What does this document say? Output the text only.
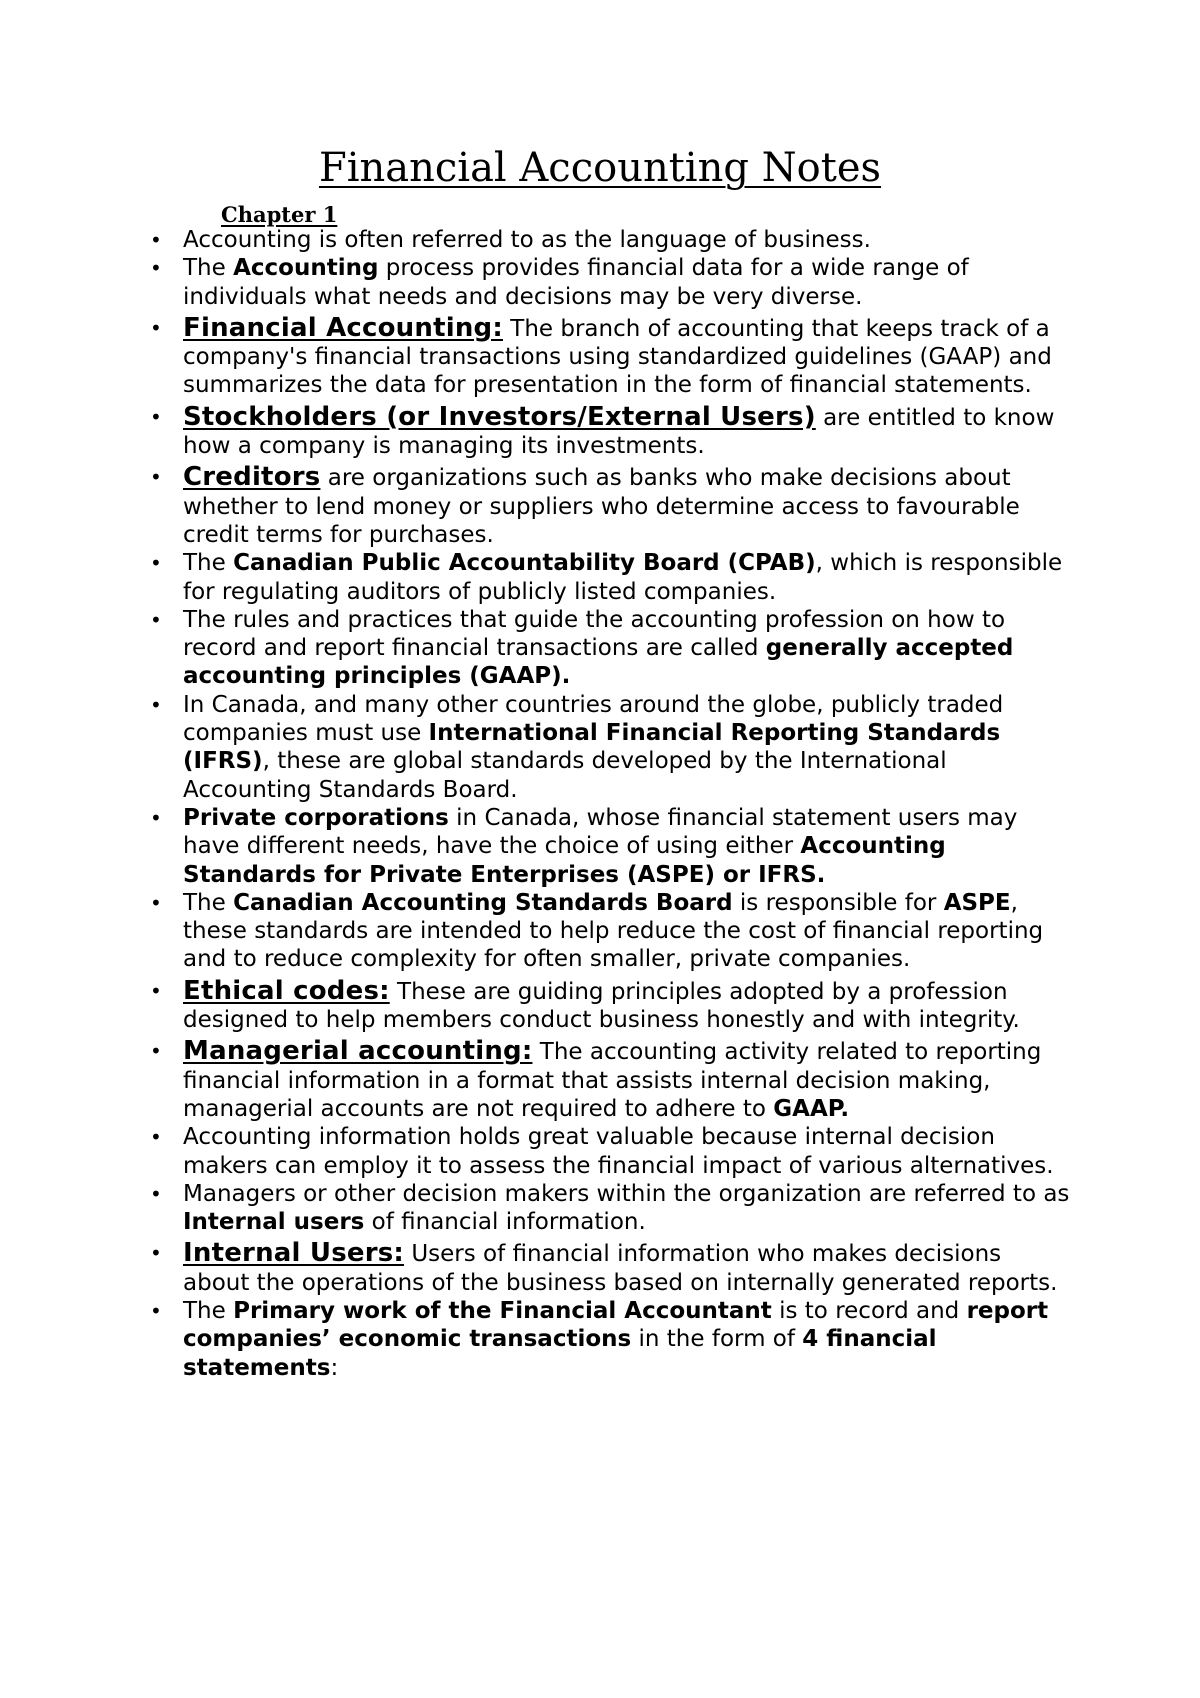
Financial Accounting Notes
Chapter 1
• Accounting is often referred to as the language of business.
• The Accounting process provides financial data for a wide range of individuals what needs and decisions may be very diverse.
• Financial Accounting: The branch of accounting that keeps track of a company's financial transactions using standardized guidelines (GAAP) and summarizes the data for presentation in the form of financial statements.
• Stockholders (or Investors/External Users) are entitled to know how a company is managing its investments.
• Creditors are organizations such as banks who make decisions about whether to lend money or suppliers who determine access to favourable credit terms for purchases.
• The Canadian Public Accountability Board (CPAB), which is responsible for regulating auditors of publicly listed companies.
• The rules and practices that guide the accounting profession on how to record and report financial transactions are called generally accepted accounting principles (GAAP).
• In Canada, and many other countries around the globe, publicly traded companies must use International Financial Reporting Standards (IFRS), these are global standards developed by the International Accounting Standards Board.
• Private corporations in Canada, whose financial statement users may have different needs, have the choice of using either Accounting Standards for Private Enterprises (ASPE) or IFRS.
• The Canadian Accounting Standards Board is responsible for ASPE, these standards are intended to help reduce the cost of financial reporting and to reduce complexity for often smaller, private companies.
• Ethical codes: These are guiding principles adopted by a profession designed to help members conduct business honestly and with integrity.
• Managerial accounting: The accounting activity related to reporting financial information in a format that assists internal decision making, managerial accounts are not required to adhere to GAAP.
• Accounting information holds great valuable because internal decision makers can employ it to assess the financial impact of various alternatives.
• Managers or other decision makers within the organization are referred to as Internal users of financial information.
• Internal Users: Users of financial information who makes decisions about the operations of the business based on internally generated reports.
• The Primary work of the Financial Accountant is to record and report companies’ economic transactions in the form of 4 financial statements:
